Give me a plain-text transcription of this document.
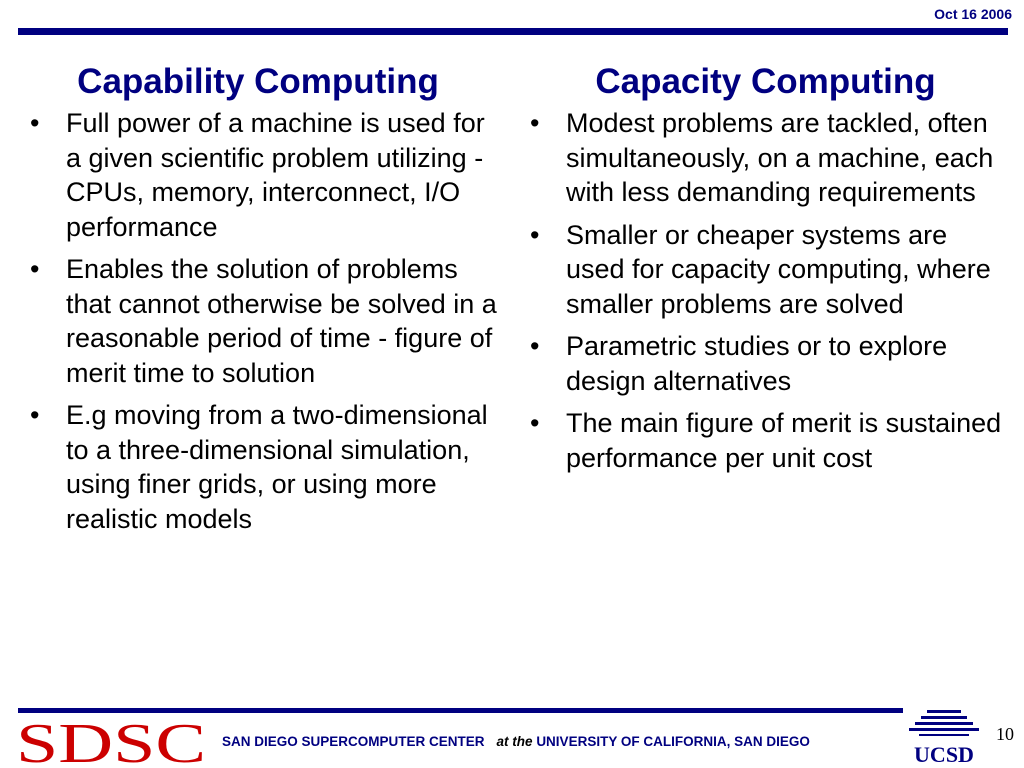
Oct 16 2006
Capability Computing
• Full power of a machine is used for a given scientific problem utilizing - CPUs, memory, interconnect, I/O performance
• Enables the solution of problems that cannot otherwise be solved in a reasonable period of time - figure of merit time to solution
• E.g moving from a two-dimensional to a three-dimensional simulation, using finer grids, or using more realistic models
Capacity Computing
• Modest problems are tackled, often simultaneously, on a machine, each with less demanding requirements
• Smaller or cheaper systems are used for capacity computing, where smaller problems are solved
• Parametric studies or to explore design alternatives
• The main figure of merit is sustained performance per unit cost
SDSC SAN DIEGO SUPERCOMPUTER CENTER at the UNIVERSITY OF CALIFORNIA, SAN DIEGO
UCSD
10
